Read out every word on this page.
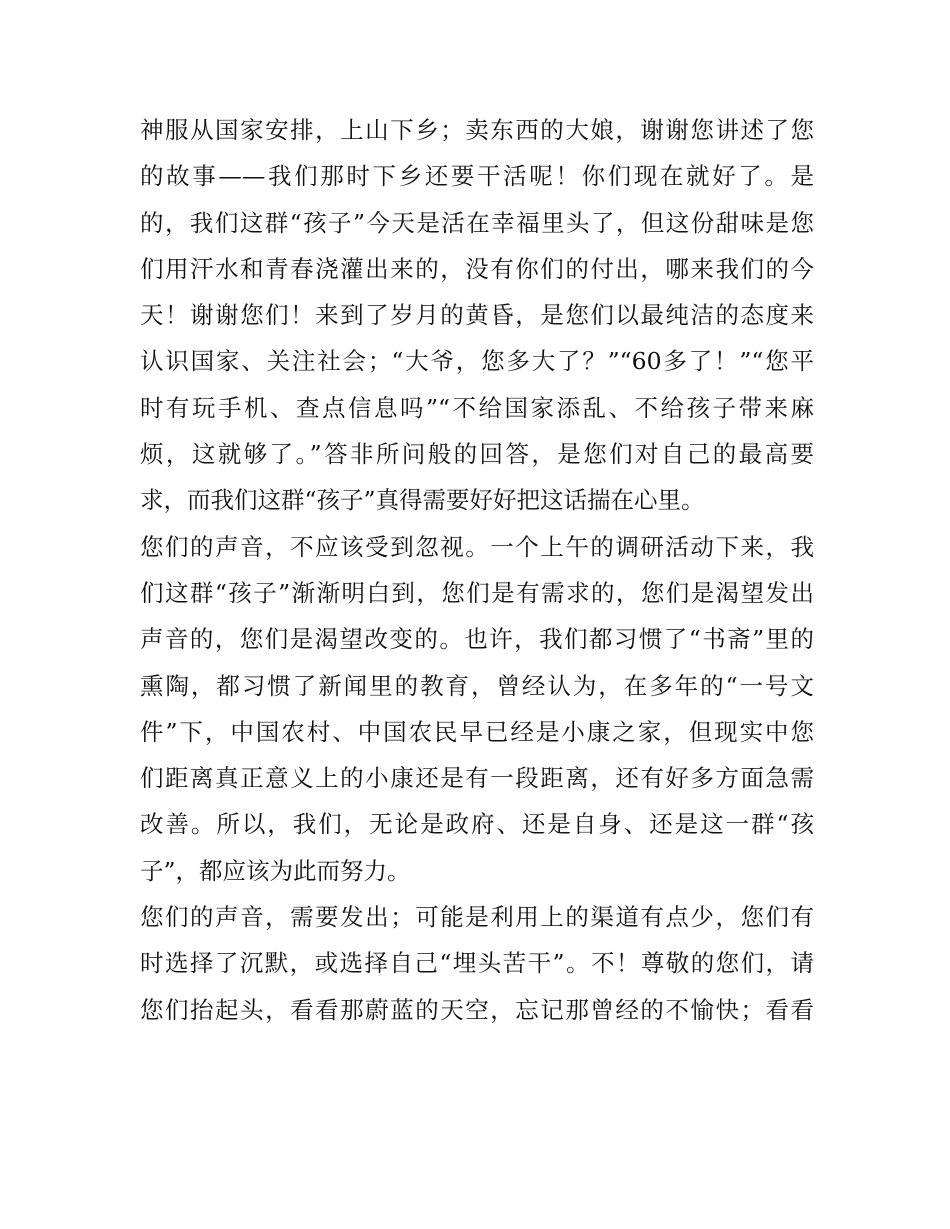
神服从国家安排，上山下乡；卖东西的大娘，谢谢您讲述了您
的故事——我们那时下乡还要干活呢！你们现在就好了。是
的，我们这群“孩子”今天是活在幸福里头了，但这份甜味是您
们用汗水和青春浇灌出来的，没有你们的付出，哪来我们的今
天！谢谢您们！来到了岁月的黄昏，是您们以最纯洁的态度来
认识国家、关注社会；“大爷，您多大了？”“60多了！”“您平
时有玩手机、查点信息吗”“不给国家添乱、不给孩子带来麻
烦，这就够了。”答非所问般的回答，是您们对自己的最高要
求，而我们这群“孩子”真得需要好好把这话揣在心里。
您们的声音，不应该受到忽视。一个上午的调研活动下来，我
们这群“孩子”渐渐明白到，您们是有需求的，您们是渴望发出
声音的，您们是渴望改变的。也许，我们都习惯了“书斋”里的
熏陶，都习惯了新闻里的教育，曾经认为，在多年的“一号文
件”下，中国农村、中国农民早已经是小康之家，但现实中您
们距离真正意义上的小康还是有一段距离，还有好多方面急需
改善。所以，我们，无论是政府、还是自身、还是这一群“孩
子”，都应该为此而努力。
您们的声音，需要发出；可能是利用上的渠道有点少，您们有
时选择了沉默，或选择自己“埋头苦干”。不！尊敬的您们，请
您们抬起头，看看那蔚蓝的天空，忘记那曾经的不愉快；看看
